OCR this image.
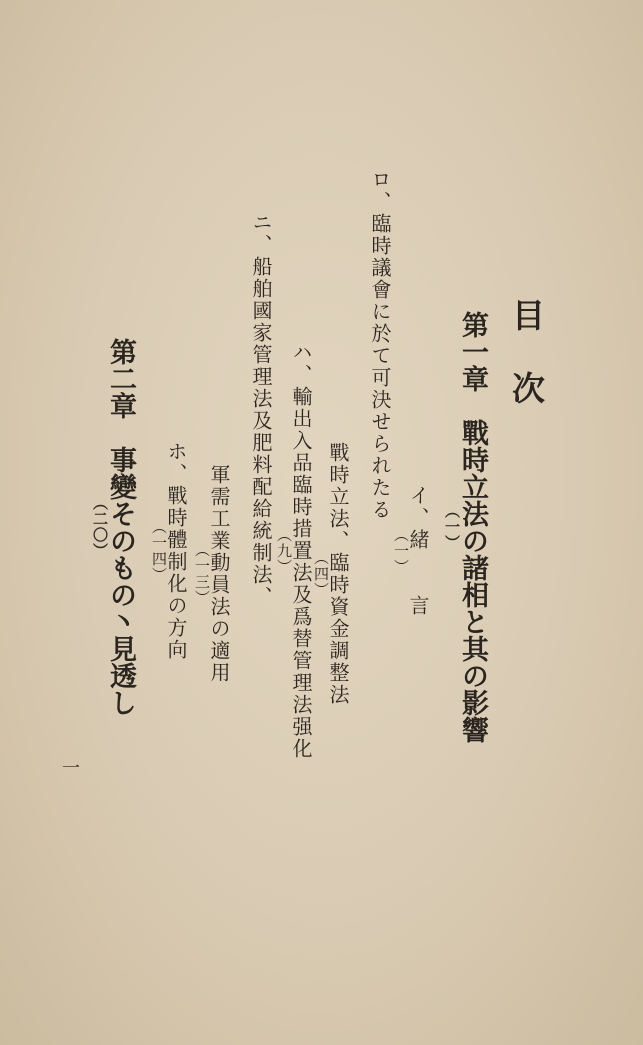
目次
第一章　戰時立法の諸相と其の影響
（一）
イ、緒　　言
（一）
ロ、臨時議會に於て可決せられたる
戰時立法、臨時資金調整法
（四）
ハ、輸出入品臨時措置法及爲替管理法强化
（九）
ニ、船舶國家管理法及肥料配給統制法、
軍需工業動員法の適用
（一三）
ホ、戰時體制化の方向
（一四）
第二章　事變そのもの丶見透し
（二〇）
一
